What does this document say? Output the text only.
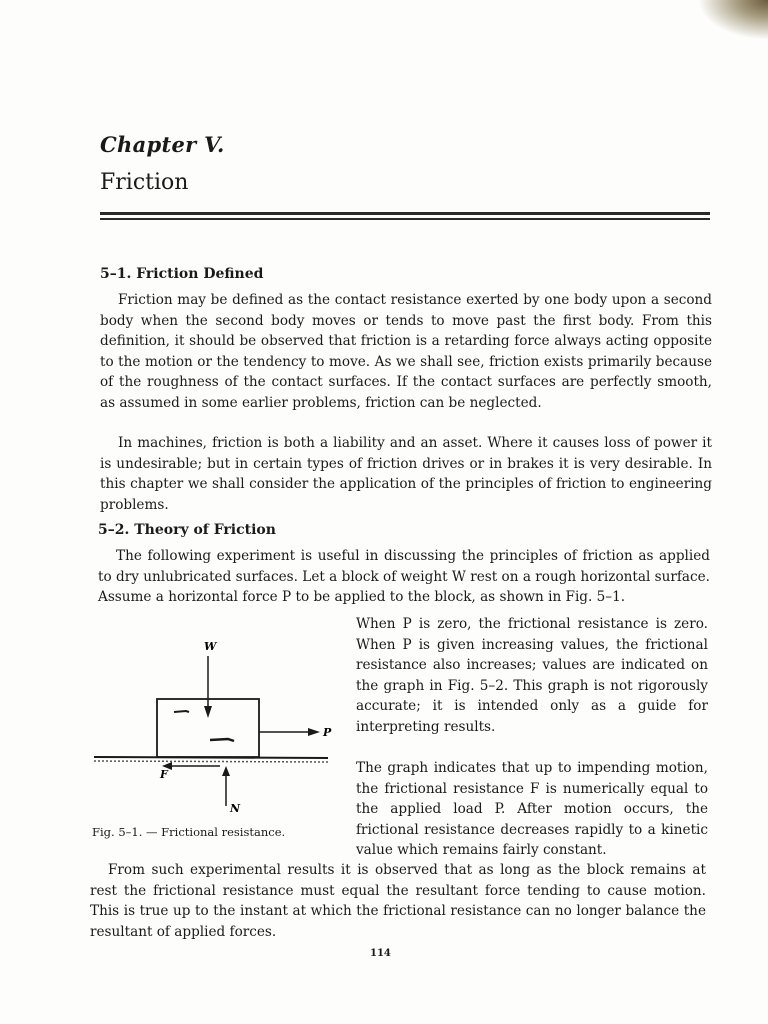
Chapter V.
Friction
5–1. Friction Defined
Friction may be defined as the contact resistance exerted by one body upon a second body when the second body moves or tends to move past the first body. From this definition, it should be observed that friction is a retarding force always acting opposite to the motion or the tendency to move. As we shall see, friction exists primarily because of the roughness of the contact surfaces. If the contact surfaces are perfectly smooth, as assumed in some earlier problems, friction can be neglected.
In machines, friction is both a liability and an asset. Where it causes loss of power it is undesirable; but in certain types of friction drives or in brakes it is very desirable. In this chapter we shall consider the application of the principles of friction to engineering problems.
5–2. Theory of Friction
The following experiment is useful in discussing the principles of friction as applied to dry unlubricated surfaces. Let a block of weight W rest on a rough horizontal surface. Assume a horizontal force P to be applied to the block, as shown in Fig. 5–1.
W
P
F
N
Fig. 5–1. — Frictional resistance.
When P is zero, the frictional resistance is zero. When P is given increasing values, the frictional resistance also increases; values are indicated on the graph in Fig. 5–2. This graph is not rigorously accurate; it is intended only as a guide for interpreting results.
The graph indicates that up to impending motion, the frictional resistance F is numerically equal to the applied load P. After motion occurs, the frictional resistance decreases rapidly to a kinetic value which remains fairly constant.
From such experimental results it is observed that as long as the block remains at rest the frictional resistance must equal the resultant force tending to cause motion. This is true up to the instant at which the frictional resistance can no longer balance the resultant of applied forces.
114
